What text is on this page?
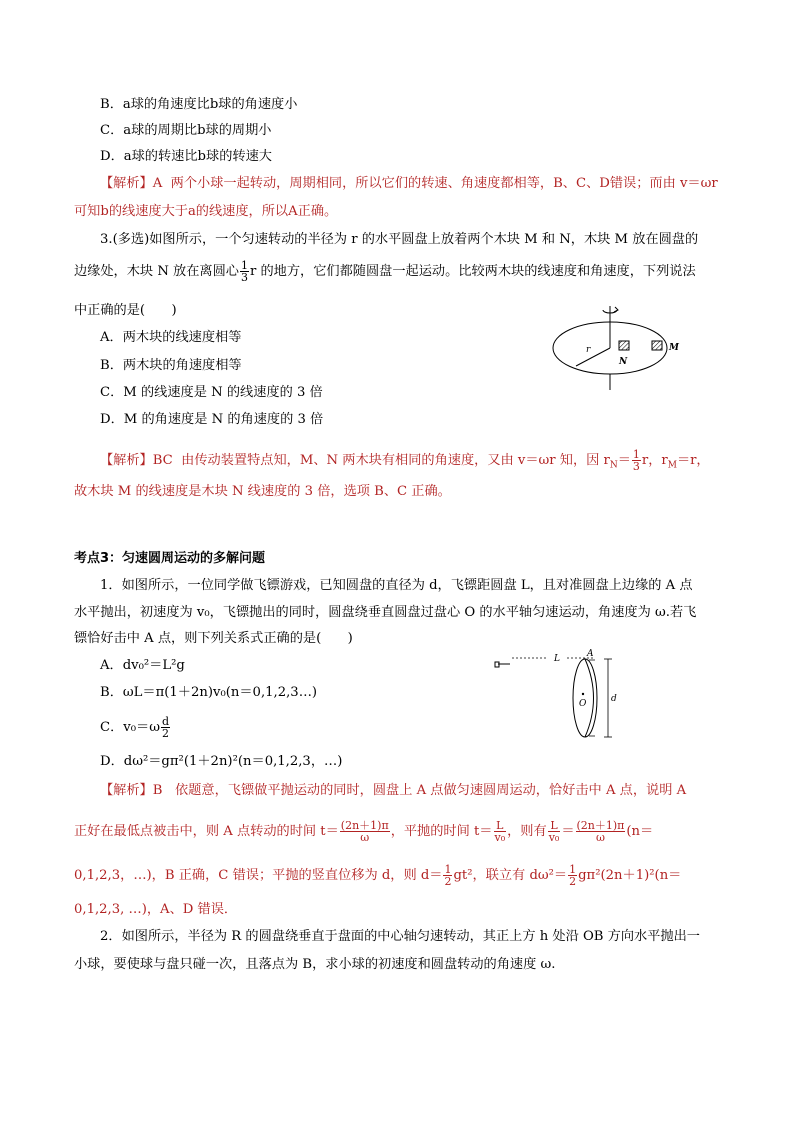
B．a球的角速度比b球的角速度小
C．a球的周期比b球的周期小
D．a球的转速比b球的转速大
【解析】A 两个小球一起转动，周期相同，所以它们的转速、角速度都相等，B、C、D错误；而由 v＝ωr
可知b的线速度大于a的线速度，所以A正确。
3.(多选)如图所示，一个匀速转动的半径为 r 的水平圆盘上放着两个木块 M 和 N，木块 M 放在圆盘的
边缘处，木块 N 放在离圆心 $\frac{1}{3}$ r 的地方，它们都随圆盘一起运动。比较两木块的线速度和角速度，下列说法
中正确的是(　　)
A．两木块的线速度相等
B．两木块的角速度相等
C．M 的线速度是 N 的线速度的 3 倍
D．M 的角速度是 N 的角速度的 3 倍
r
N
M
【解析】BC 由传动装置特点知，M、N 两木块有相同的角速度，又由 v＝ωr 知，因 $r_N= \frac{1}{3}$ r，$r_M=r$，
故木块 M 的线速度是木块 N 线速度的 3 倍，选项 B、C 正确。
考点3：匀速圆周运动的多解问题
1．如图所示，一位同学做飞镖游戏，已知圆盘的直径为 d，飞镖距圆盘 L，且对准圆盘上边缘的 A 点
水平抛出，初速度为 v₀，飞镖抛出的同时，圆盘绕垂直圆盘过盘心 O 的水平轴匀速运动，角速度为 ω.若飞
镖恰好击中 A 点，则下列关系式正确的是(　　)
A．dv₀²＝L²g
B．ωL＝π(1＋2n)v₀(n＝0,1,2,3…)
C．$v_0=\omega \frac{d}{2}$
D．dω²＝gπ²(1＋2n)²(n＝0,1,2,3，…)
L	A
O	d
【解析】B 依题意，飞镖做平抛运动的同时，圆盘上 A 点做匀速圆周运动，恰好击中 A 点，说明 A
正好在最低点被击中，则 A 点转动的时间 $t= \frac{(2n+1)\pi}{\omega}$ ，平抛的时间 $t= \frac{L}{\text{v₀}}$ ，则有 $\frac{L}{\text{v₀}} = \frac{(2n+1)\pi}{\omega} (n=$
0,1,2,3，…)，B 正确，C 错误；平抛的竖直位移为 d，则 $d= \frac{1}{2} gt^2$，联立有 $d\omega^2= \frac{1}{2} g\pi^2(2n+1)^2(n=$
0,1,2,3, …)，A、D 错误．
2．如图所示，半径为 R 的圆盘绕垂直于盘面的中心轴匀速转动，其正上方 h 处沿 OB 方向水平抛出一
小球，要使球与盘只碰一次，且落点为 B，求小球的初速度和圆盘转动的角速度 ω.
